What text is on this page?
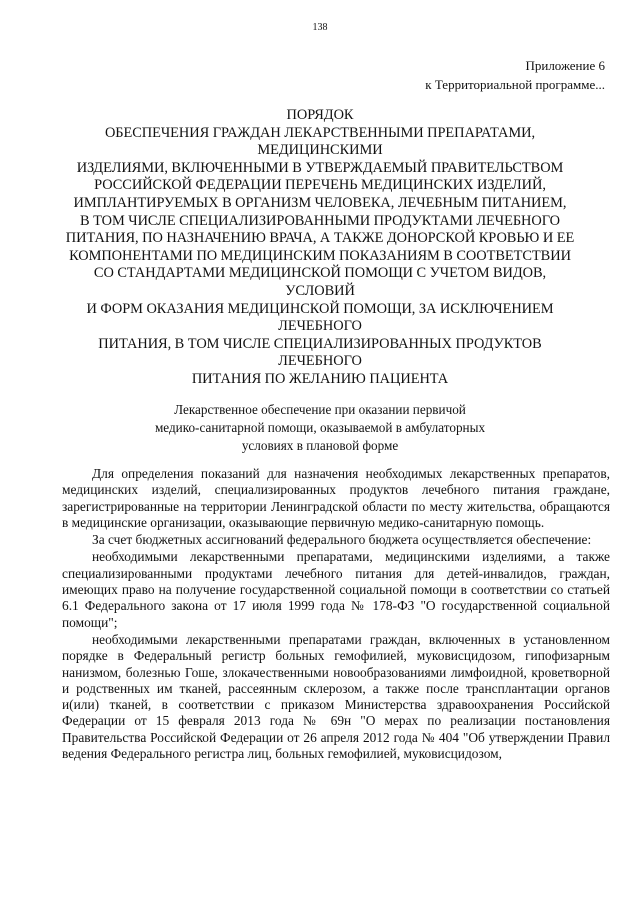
138
Приложение 6
к Территориальной программе...
ПОРЯДОК
ОБЕСПЕЧЕНИЯ ГРАЖДАН ЛЕКАРСТВЕННЫМИ ПРЕПАРАТАМИ,
МЕДИЦИНСКИМИ
ИЗДЕЛИЯМИ, ВКЛЮЧЕННЫМИ В УТВЕРЖДАЕМЫЙ ПРАВИТЕЛЬСТВОМ
РОССИЙСКОЙ ФЕДЕРАЦИИ ПЕРЕЧЕНЬ МЕДИЦИНСКИХ ИЗДЕЛИЙ,
ИМПЛАНТИРУЕМЫХ В ОРГАНИЗМ ЧЕЛОВЕКА, ЛЕЧЕБНЫМ ПИТАНИЕМ,
В ТОМ ЧИСЛЕ СПЕЦИАЛИЗИРОВАННЫМИ ПРОДУКТАМИ ЛЕЧЕБНОГО
ПИТАНИЯ, ПО НАЗНАЧЕНИЮ ВРАЧА, А ТАКЖЕ ДОНОРСКОЙ КРОВЬЮ И ЕЕ
КОМПОНЕНТАМИ ПО МЕДИЦИНСКИМ ПОКАЗАНИЯМ В СООТВЕТСТВИИ
СО СТАНДАРТАМИ МЕДИЦИНСКОЙ ПОМОЩИ С УЧЕТОМ ВИДОВ,
УСЛОВИЙ
И ФОРМ ОКАЗАНИЯ МЕДИЦИНСКОЙ ПОМОЩИ, ЗА ИСКЛЮЧЕНИЕМ
ЛЕЧЕБНОГО
ПИТАНИЯ, В ТОМ ЧИСЛЕ СПЕЦИАЛИЗИРОВАННЫХ ПРОДУКТОВ
ЛЕЧЕБНОГО
ПИТАНИЯ ПО ЖЕЛАНИЮ ПАЦИЕНТА
Лекарственное обеспечение при оказании первичой
медико-санитарной помощи, оказываемой в амбулаторных
условиях в плановой форме

Для определения показаний для назначения необходимых лекарственных препаратов, медицинских изделий, специализированных продуктов лечебного питания граждане, зарегистрированные на территории Ленинградской области по месту жительства, обращаются в медицинские организации, оказывающие первичную медико-санитарную помощь.

За счет бюджетных ассигнований федерального бюджета осуществляется обеспечение:

необходимыми лекарственными препаратами, медицинскими изделиями, а также специализированными продуктами лечебного питания для детей-инвалидов, граждан, имеющих право на получение государственной социальной помощи в соответствии со статьей 6.1 Федерального закона от 17 июля 1999 года № 178-ФЗ "О государственной социальной помощи";

необходимыми лекарственными препаратами граждан, включенных в установленном порядке в Федеральный регистр больных гемофилией, муковисцидозом, гипофизарным нанизмом, болезнью Гоше, злокачественными новообразованиями лимфоидной, кроветворной и родственных им тканей, рассеянным склерозом, а также после трансплантации органов и(или) тканей, в соответствии с приказом Министерства здравоохранения Российской Федерации от 15 февраля 2013 года № 69н "О мерах по реализации постановления Правительства Российской Федерации от 26 апреля 2012 года № 404 "Об утверждении Правил ведения Федерального регистра лиц, больных гемофилией, муковисцидозом,
